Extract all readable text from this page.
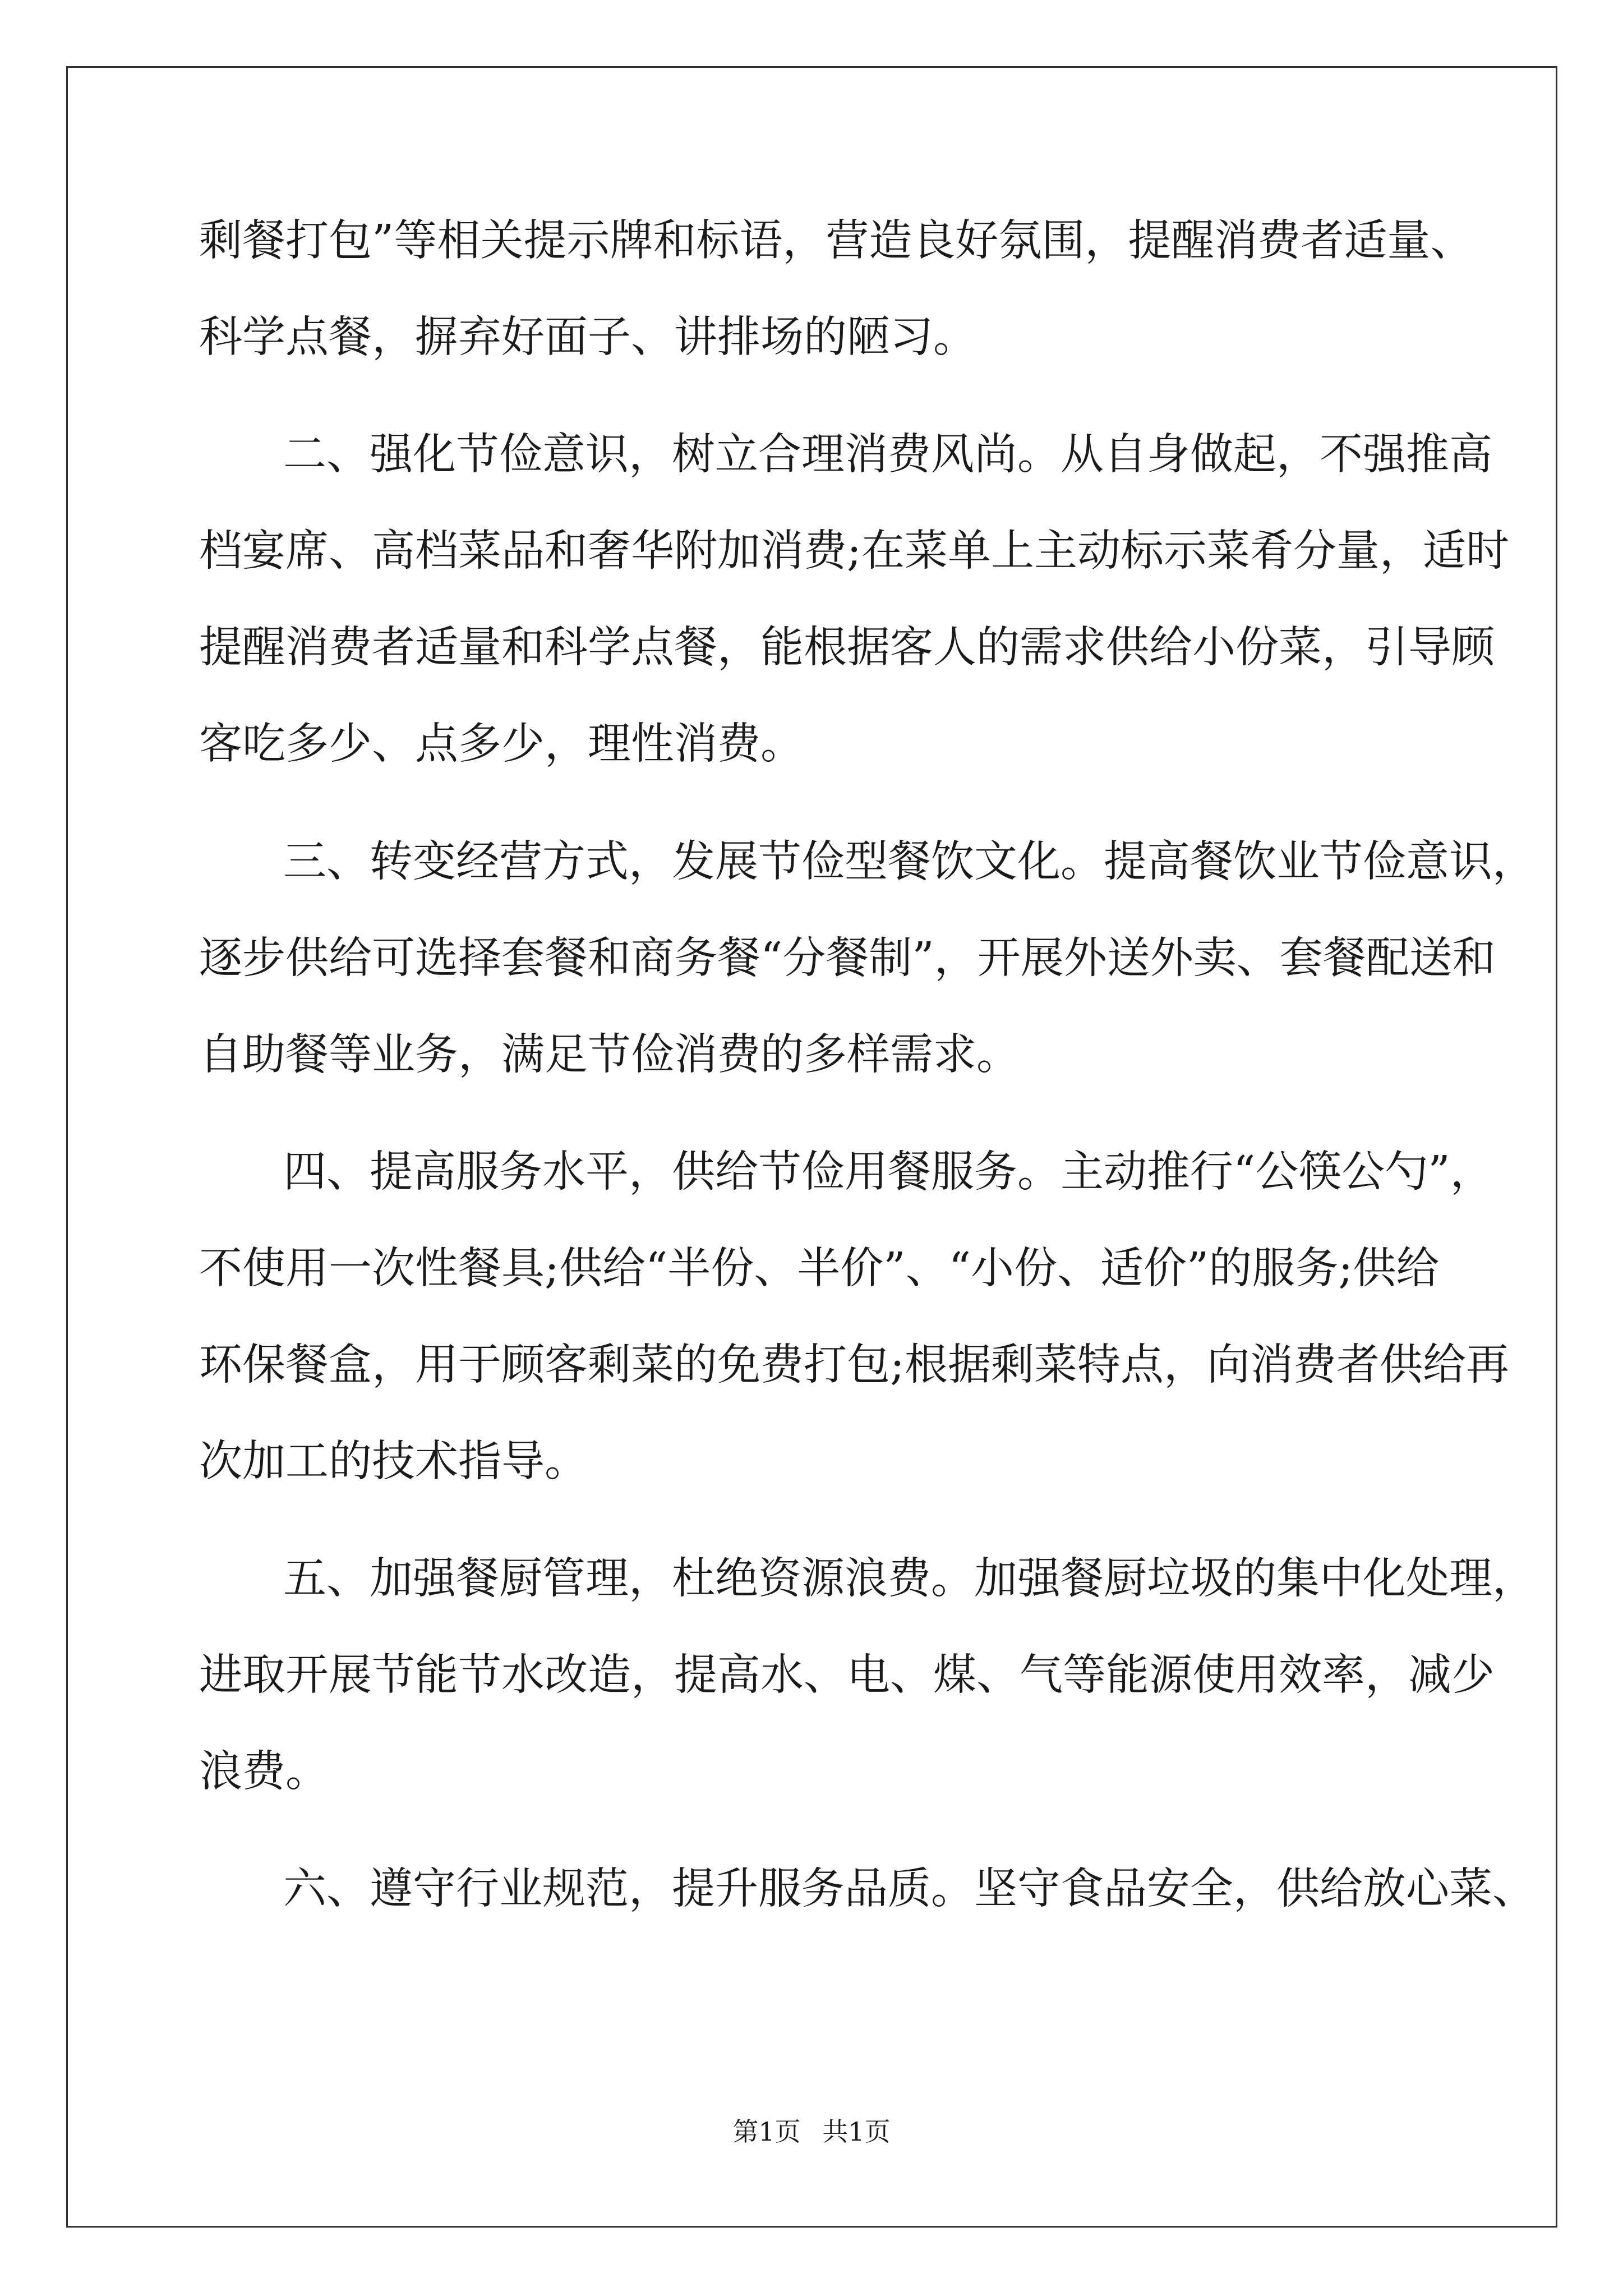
剩餐打包”等相关提示牌和标语，营造良好氛围，提醒消费者适量、
科学点餐，摒弃好面子、讲排场的陋习。
二、强化节俭意识，树立合理消费风尚。从自身做起，不强推高
档宴席、高档菜品和奢华附加消费;在菜单上主动标示菜肴分量，适时
提醒消费者适量和科学点餐，能根据客人的需求供给小份菜，引导顾
客吃多少、点多少，理性消费。
三、转变经营方式，发展节俭型餐饮文化。提高餐饮业节俭意识，
逐步供给可选择套餐和商务餐“分餐制”，开展外送外卖、套餐配送和
自助餐等业务，满足节俭消费的多样需求。
四、提高服务水平，供给节俭用餐服务。主动推行“公筷公勺”，
不使用一次性餐具;供给“半份、半价”、“小份、适价”的服务;供给
环保餐盒，用于顾客剩菜的免费打包;根据剩菜特点，向消费者供给再
次加工的技术指导。
五、加强餐厨管理，杜绝资源浪费。加强餐厨垃圾的集中化处理，
进取开展节能节水改造，提高水、电、煤、气等能源使用效率，减少
浪费。
六、遵守行业规范，提升服务品质。坚守食品安全，供给放心菜、
第1页 共1页
